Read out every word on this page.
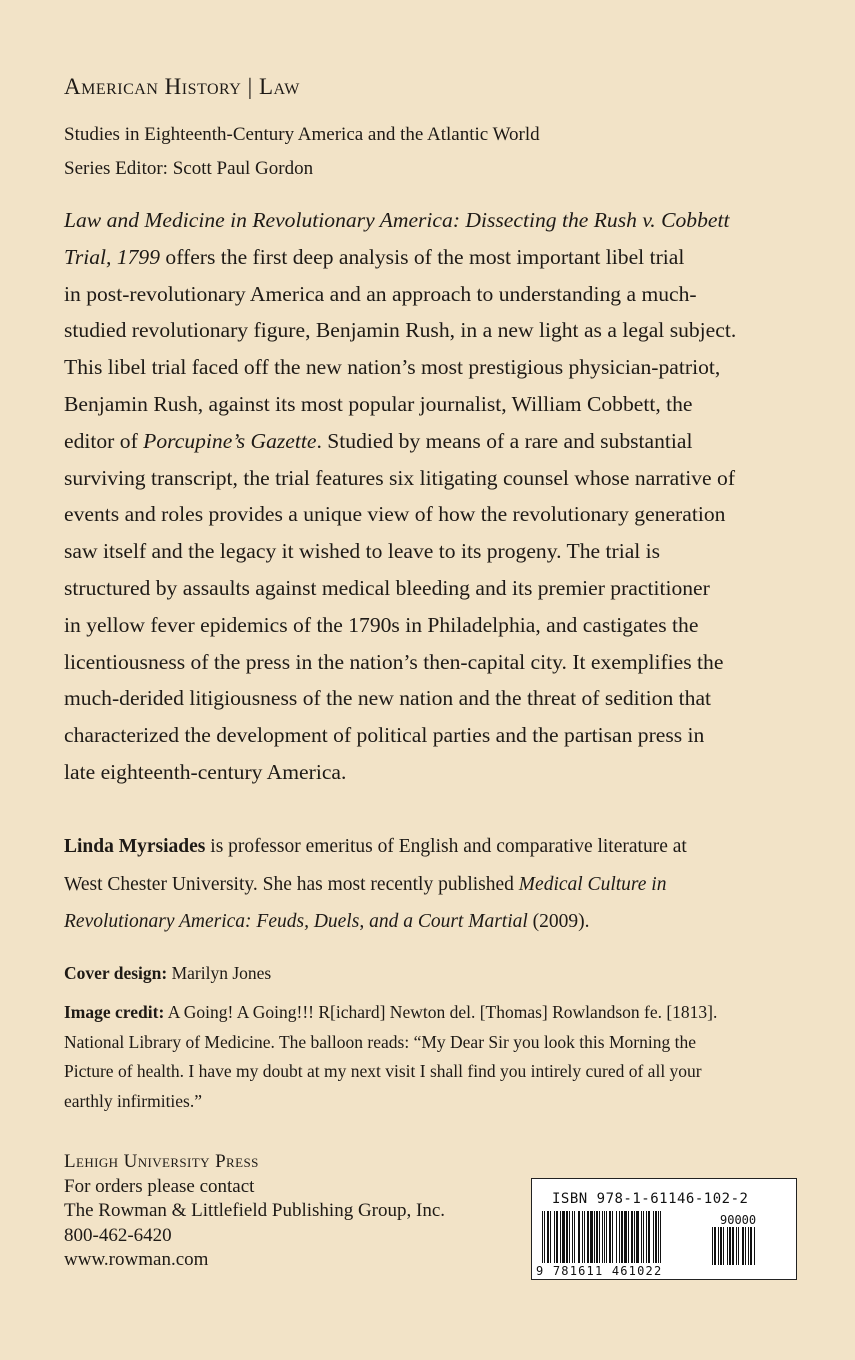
American History | Law
Studies in Eighteenth-Century America and the Atlantic World
Series Editor: Scott Paul Gordon
Law and Medicine in Revolutionary America: Dissecting the Rush v. Cobbett
Trial, 1799 offers the first deep analysis of the most important libel trial
in post-revolutionary America and an approach to understanding a much-
studied revolutionary figure, Benjamin Rush, in a new light as a legal subject.
This libel trial faced off the new nation’s most prestigious physician-patriot,
Benjamin Rush, against its most popular journalist, William Cobbett, the
editor of Porcupine’s Gazette. Studied by means of a rare and substantial
surviving transcript, the trial features six litigating counsel whose narrative of
events and roles provides a unique view of how the revolutionary generation
saw itself and the legacy it wished to leave to its progeny. The trial is
structured by assaults against medical bleeding and its premier practitioner
in yellow fever epidemics of the 1790s in Philadelphia, and castigates the
licentiousness of the press in the nation’s then-capital city. It exemplifies the
much-derided litigiousness of the new nation and the threat of sedition that
characterized the development of political parties and the partisan press in
late eighteenth-century America.
Linda Myrsiades is professor emeritus of English and comparative literature at
West Chester University. She has most recently published Medical Culture in
Revolutionary America: Feuds, Duels, and a Court Martial (2009).
Cover design: Marilyn Jones
Image credit: A Going! A Going!!! R[ichard] Newton del. [Thomas] Rowlandson fe. [1813].
National Library of Medicine. The balloon reads: “My Dear Sir you look this Morning the
Picture of health. I have my doubt at my next visit I shall find you intirely cured of all your
earthly infirmities.”
Lehigh University Press
For orders please contact
The Rowman & Littlefield Publishing Group, Inc.
800-462-6420
www.rowman.com
ISBN 978-1-61146-102-2
90000
9 781611 461022
